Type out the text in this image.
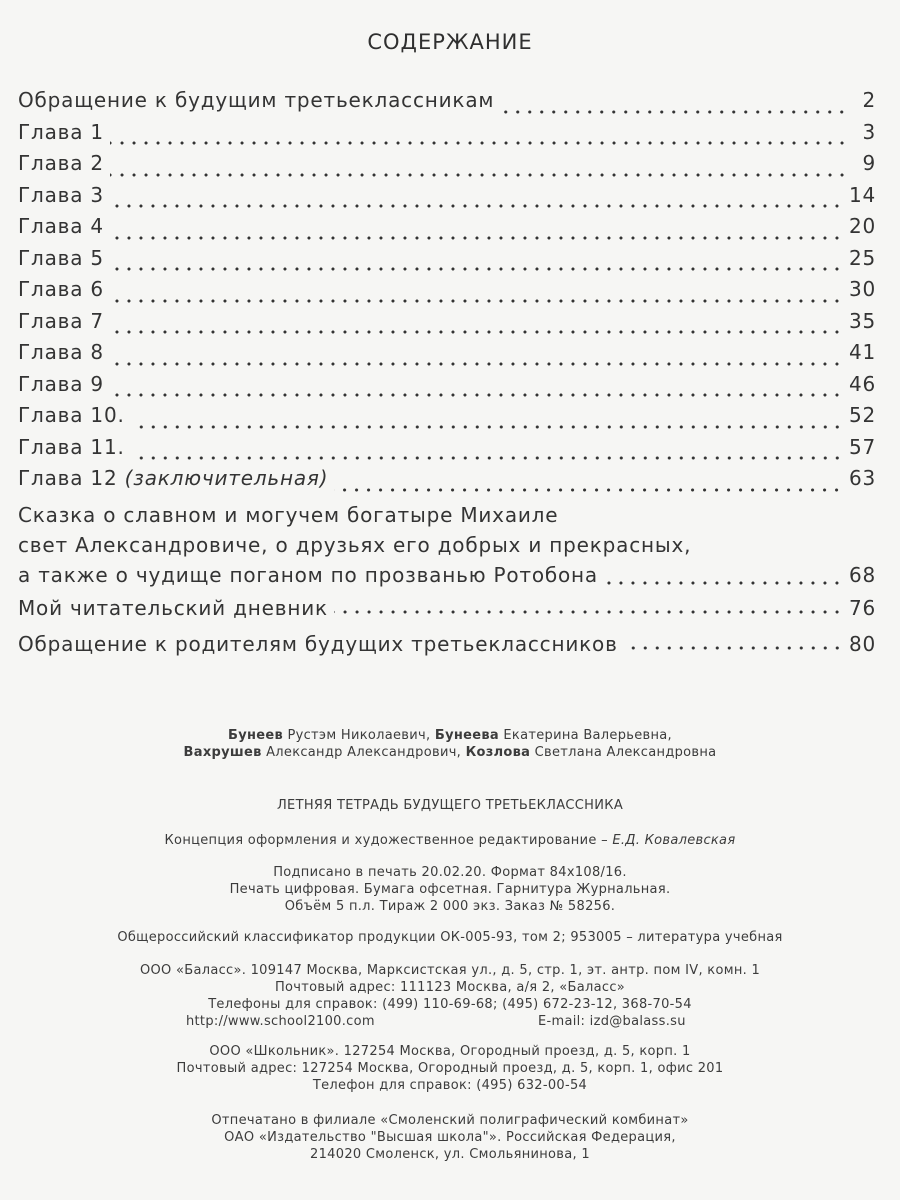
СОДЕРЖАНИЕ
Обращение к будущим третьеклассникам	2
Глава 1	3
Глава 2	9
Глава 3	14
Глава 4	20
Глава 5	25
Глава 6	30
Глава 7	35
Глава 8	41
Глава 9	46
Глава 10.	52
Глава 11.	57
Глава 12 (заключительная)	63
Сказка о славном и могучем богатыре Михаиле
свет Александровиче, о друзьях его добрых и прекрасных,
а также о чудище поганом по прозванью Ротобона	68
Мой читательский дневник	76
Обращение к родителям будущих третьеклассников	80
Бунеев Рустэм Николаевич, Бунеева Екатерина Валерьевна,
Вахрушев Александр Александрович, Козлова Светлана Александровна
ЛЕТНЯЯ ТЕТРАДЬ БУДУЩЕГО ТРЕТЬЕКЛАССНИКА
Концепция оформления и художественное редактирование – Е.Д. Ковалевская
Подписано в печать 20.02.20. Формат 84x108/16.
Печать цифровая. Бумага офсетная. Гарнитура Журнальная.
Объём 5 п.л. Тираж 2 000 экз. Заказ № 58256.
Общероссийский классификатор продукции ОК-005-93, том 2; 953005 – литература учебная
ООО «Баласс». 109147 Москва, Марксистская ул., д. 5, стр. 1, эт. антр. пом IV, комн. 1
Почтовый адрес: 111123 Москва, а/я 2, «Баласс»
Телефоны для справок: (499) 110-69-68; (495) 672-23-12, 368-70-54
http://www.school2100.com	E-mail: izd@balass.su
ООО «Школьник». 127254 Москва, Огородный проезд, д. 5, корп. 1
Почтовый адрес: 127254 Москва, Огородный проезд, д. 5, корп. 1, офис 201
Телефон для справок: (495) 632-00-54
Отпечатано в филиале «Смоленский полиграфический комбинат»
ОАО «Издательство "Высшая школа"». Российская Федерация,
214020 Смоленск, ул. Смольянинова, 1
